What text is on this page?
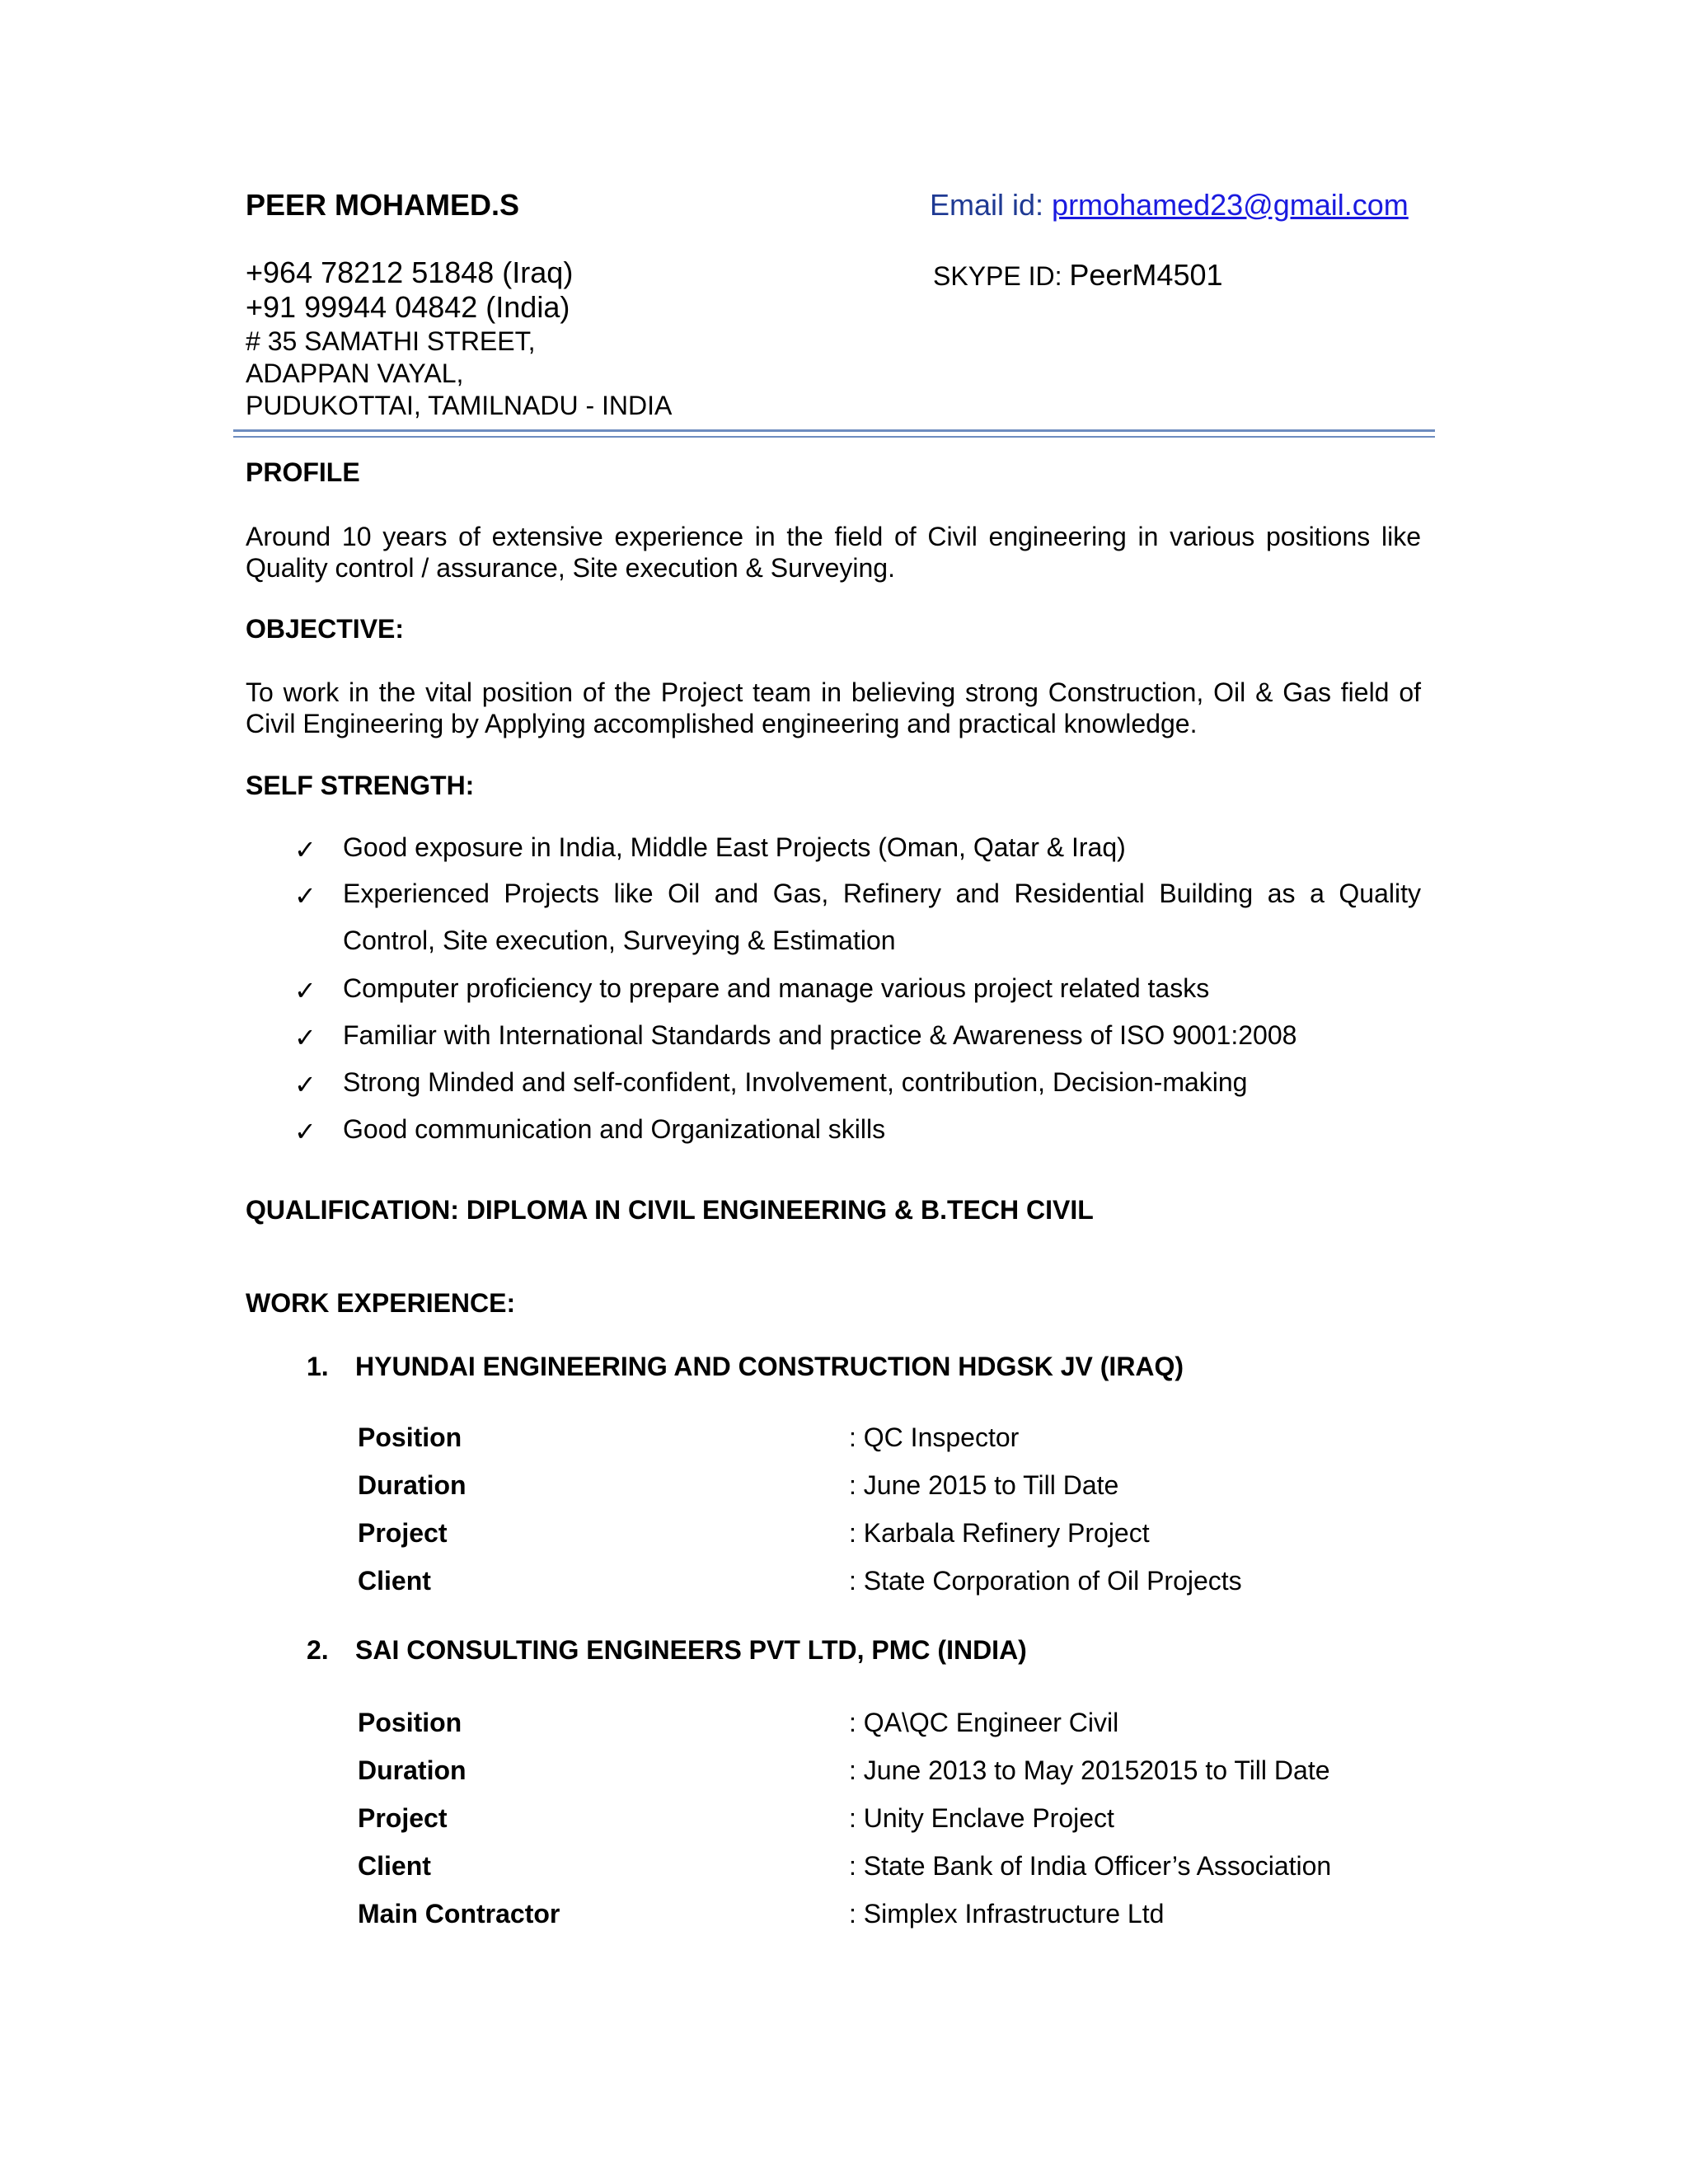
PEER MOHAMED.S	Email id: prmohamed23@gmail.com
+964 78212 51848 (Iraq)
+91 99944 04842 (India)
# 35 SAMATHI STREET,
ADAPPAN VAYAL,
PUDUKOTTAI, TAMILNADU - INDIA
SKYPE ID: PeerM4501
PROFILE
Around 10 years of extensive experience in the field of Civil engineering in various positions like Quality control / assurance, Site execution & Surveying.
OBJECTIVE:
To work in the vital position of the Project team in believing strong Construction, Oil & Gas field of Civil Engineering by Applying accomplished engineering and practical knowledge.
SELF STRENGTH:
✓ Good exposure in India, Middle East Projects (Oman, Qatar & Iraq)
✓ Experienced Projects like Oil and Gas, Refinery and Residential Building as a Quality Control, Site execution, Surveying & Estimation
✓ Computer proficiency to prepare and manage various project related tasks
✓ Familiar with International Standards and practice & Awareness of ISO 9001:2008
✓ Strong Minded and self-confident, Involvement, contribution, Decision-making
✓ Good communication and Organizational skills
QUALIFICATION: DIPLOMA IN CIVIL ENGINEERING & B.TECH CIVIL
WORK EXPERIENCE:
1. HYUNDAI ENGINEERING AND CONSTRUCTION HDGSK JV (IRAQ)
Position	: QC Inspector
Duration	: June 2015 to Till Date
Project	: Karbala Refinery Project
Client	: State Corporation of Oil Projects
2. SAI CONSULTING ENGINEERS PVT LTD, PMC (INDIA)
Position	: QA\QC Engineer Civil
Duration	: June 2013 to May 20152015 to Till Date
Project	: Unity Enclave Project
Client	: State Bank of India Officer’s Association
Main Contractor	: Simplex Infrastructure Ltd
